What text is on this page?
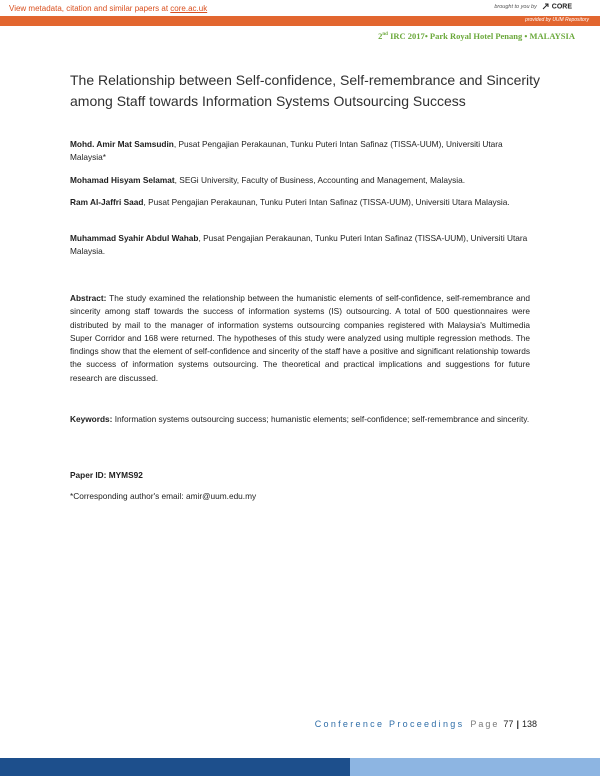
View metadata, citation and similar papers at core.ac.uk	brought to you by CORE
provided by UUM Repository
2nd IRC 2017• Park Royal Hotel Penang • MALAYSIA
The Relationship between Self-confidence, Self-remembrance and Sincerity among Staff towards Information Systems Outsourcing Success
Mohd. Amir Mat Samsudin, Pusat Pengajian Perakaunan, Tunku Puteri Intan Safinaz (TISSA-UUM), Universiti Utara Malaysia*
Mohamad Hisyam Selamat, SEGi University, Faculty of Business, Accounting and Management, Malaysia.
Ram Al-Jaffri Saad, Pusat Pengajian Perakaunan, Tunku Puteri Intan Safinaz (TISSA-UUM), Universiti Utara Malaysia.
Muhammad Syahir Abdul Wahab, Pusat Pengajian Perakaunan, Tunku Puteri Intan Safinaz (TISSA-UUM), Universiti Utara Malaysia.
Abstract: The study examined the relationship between the humanistic elements of self-confidence, self-remembrance and sincerity among staff towards the success of information systems (IS) outsourcing. A total of 500 questionnaires were distributed by mail to the manager of information systems outsourcing companies registered with Malaysia's Multimedia Super Corridor and 168 were returned. The hypotheses of this study were analyzed using multiple regression methods. The findings show that the element of self-confidence and sincerity of the staff have a positive and significant relationship towards the success of information systems outsourcing. The theoretical and practical implications and suggestions for future research are discussed.
Keywords: Information systems outsourcing success; humanistic elements; self-confidence; self-remembrance and sincerity.
Paper ID: MYMS92
*Corresponding author's email: amir@uum.edu.my
Conference Proceedings Page 77 | 138
